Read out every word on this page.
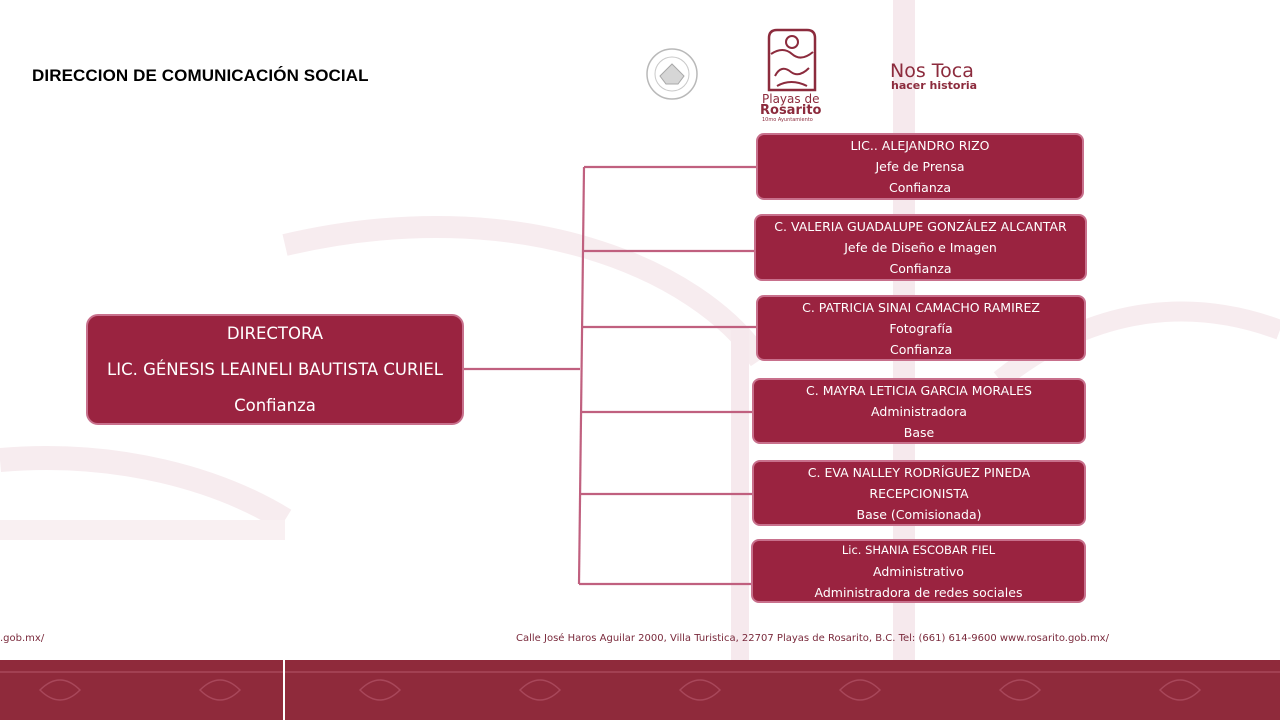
DIRECCION DE COMUNICACIÓN SOCIAL
Playas de
Rosarito
10mo Ayuntamiento
Nos Toca
hacer historia
DIRECTORA
LIC. GÉNESIS LEAINELI BAUTISTA CURIEL
Confianza
LIC.. ALEJANDRO RIZO
Jefe de Prensa
Confianza
C. VALERIA GUADALUPE GONZÁLEZ ALCANTAR
Jefe de Diseño e Imagen
Confianza
C. PATRICIA SINAI CAMACHO RAMIREZ
Fotografía
Confianza
C. MAYRA LETICIA GARCIA MORALES
Administradora
Base
C. EVA NALLEY RODRÍGUEZ PINEDA
RECEPCIONISTA
Base (Comisionada)
Lic. SHANIA ESCOBAR FIEL
Administrativo
Administradora de redes sociales
.gob.mx/	Calle José Haros Aguilar 2000, Villa Turistica, 22707 Playas de Rosarito, B.C. Tel: (661) 614-9600 www.rosarito.gob.mx/
